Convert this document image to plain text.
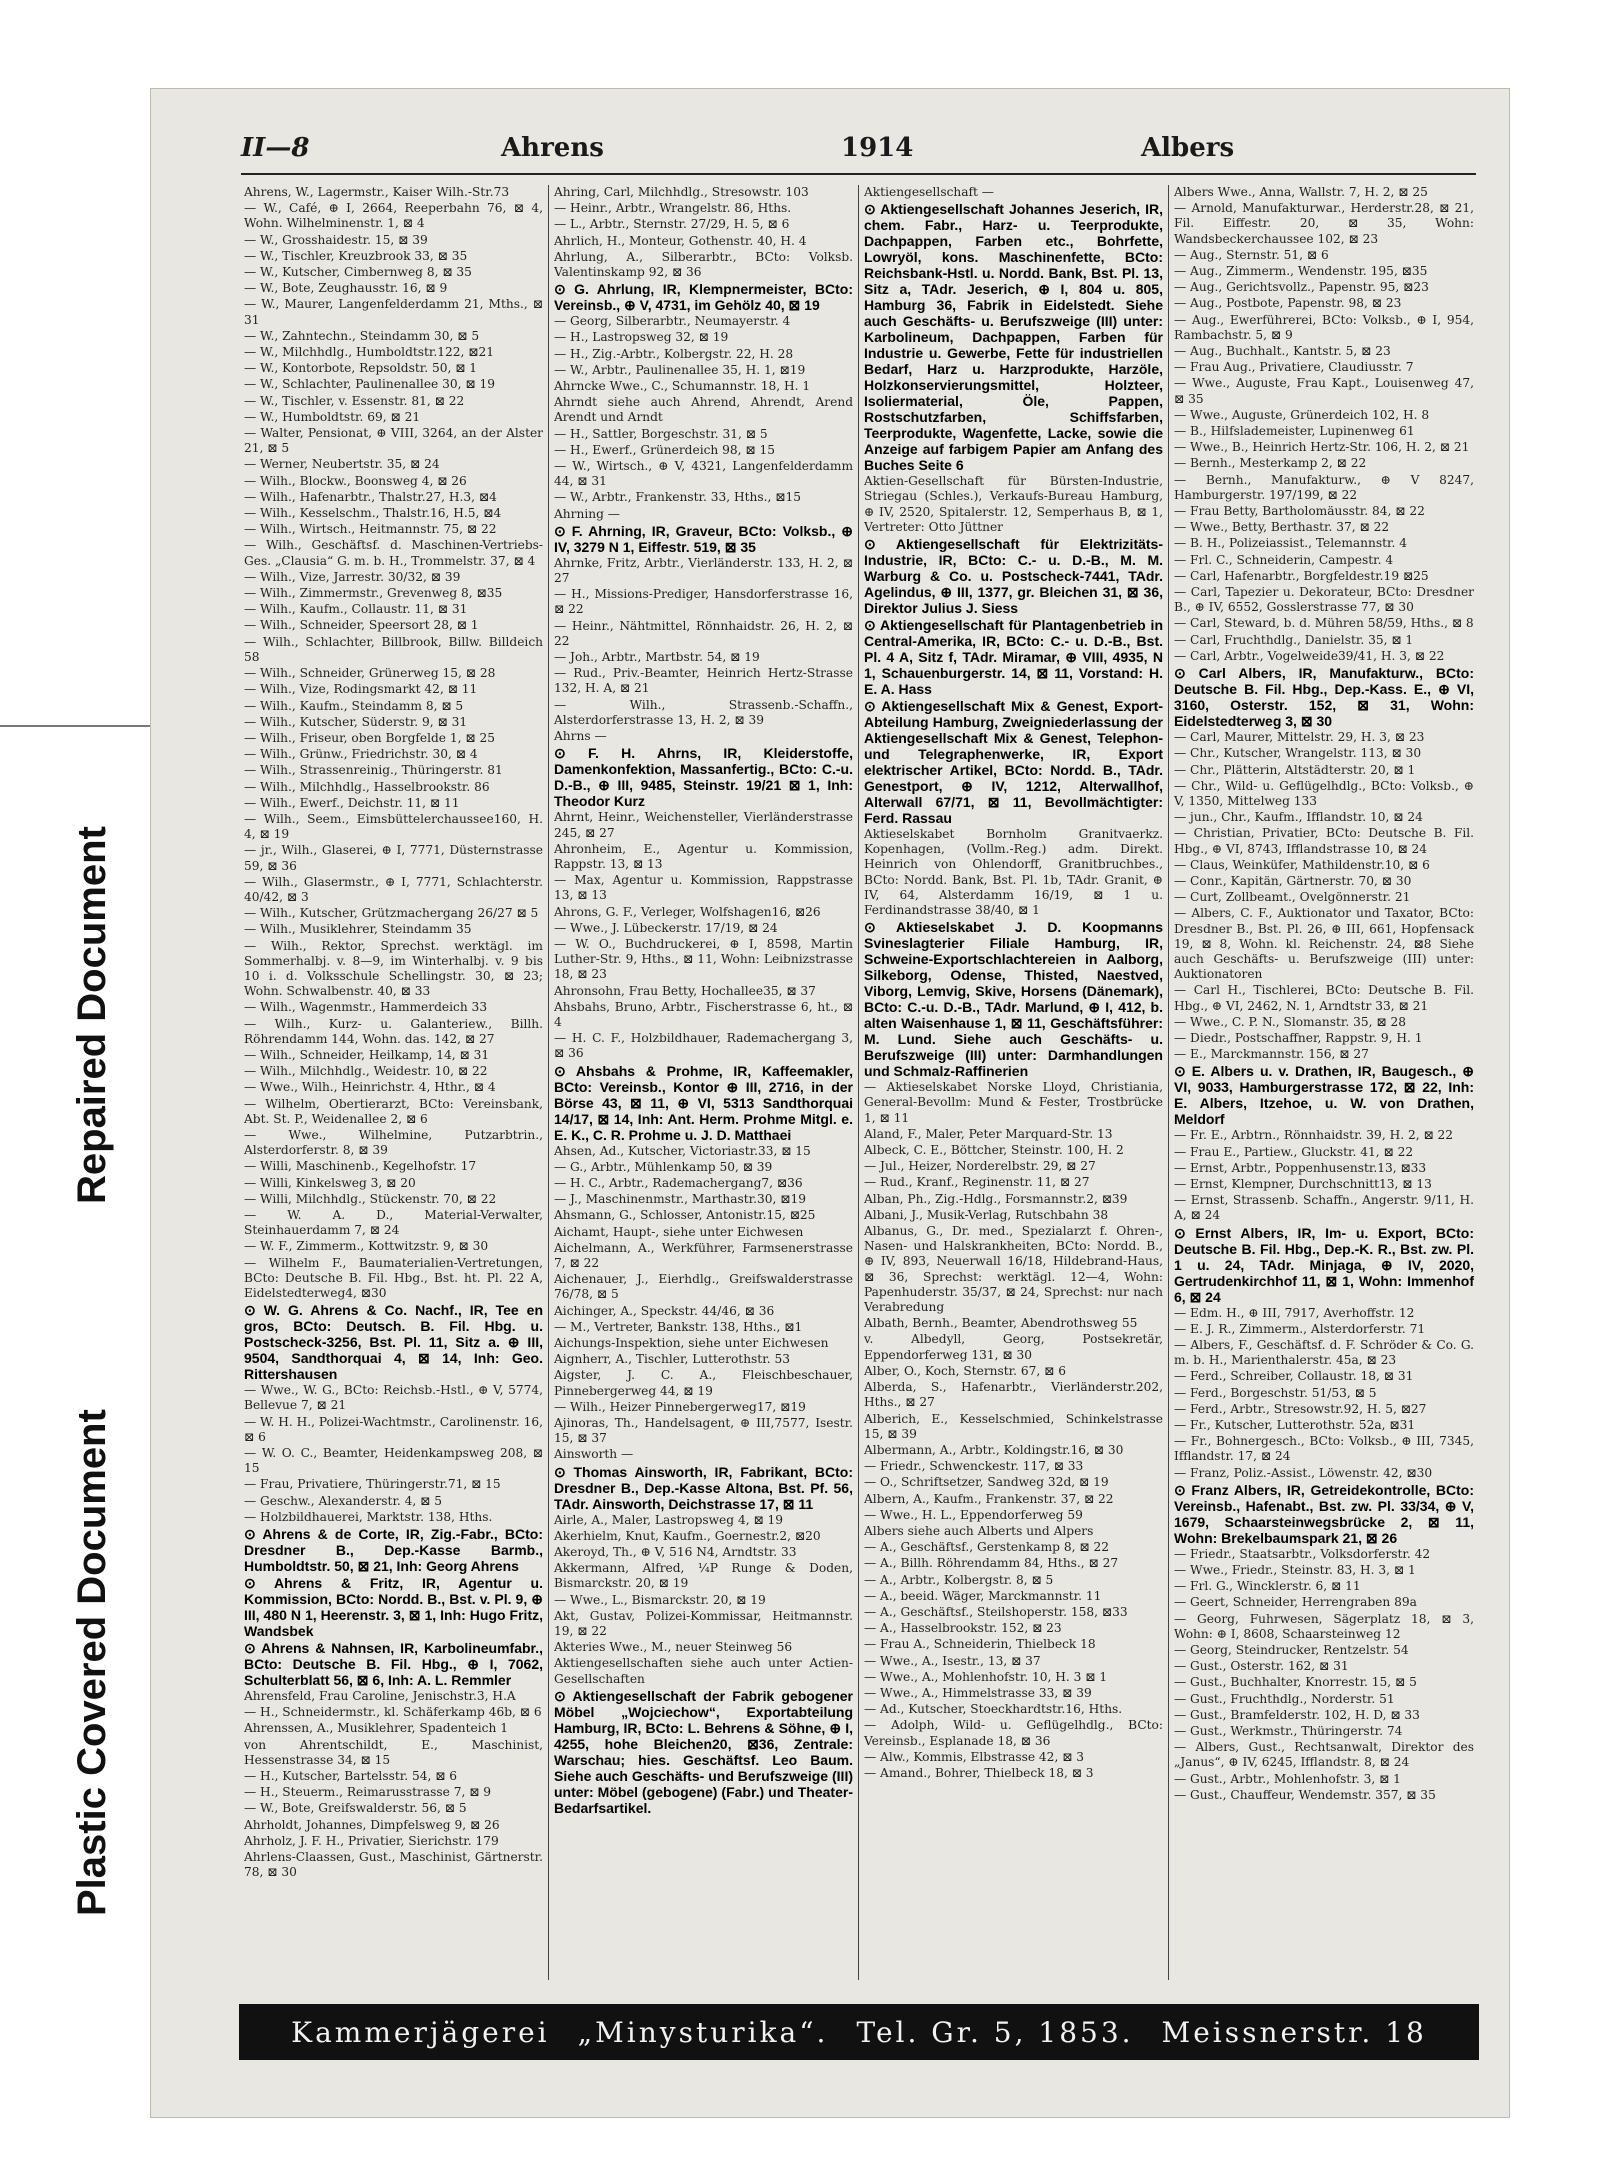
Plastic Covered Document
Repaired Document
II—8	Ahrens	1914	Albers
Ahrens, W., Lagermstr., Kaiser Wilh.-Str.73
— W., Café, ⊕ I, 2664, Reeperbahn 76, ⊠ 4, Wohn. Wilhelminenstr. 1, ⊠ 4
— W., Grosshaidestr. 15, ⊠ 39
— W., Tischler, Kreuzbrook 33, ⊠ 35
— W., Kutscher, Cimbernweg 8, ⊠ 35
— W., Bote, Zeughausstr. 16, ⊠ 9
— W., Maurer, Langenfelderdamm 21, Mths., ⊠ 31
— W., Zahntechn., Steindamm 30, ⊠ 5
— W., Milchhdlg., Humboldtstr.122, ⊠21
— W., Kontorbote, Repsoldstr. 50, ⊠ 1
— W., Schlachter, Paulinenallee 30, ⊠ 19
— W., Tischler, v. Essenstr. 81, ⊠ 22
— W., Humboldtstr. 69, ⊠ 21
— Walter, Pensionat, ⊕ VIII, 3264, an der Alster 21, ⊠ 5
— Werner, Neubertstr. 35, ⊠ 24
— Wilh., Blockw., Boonsweg 4, ⊠ 26
— Wilh., Hafenarbtr., Thalstr.27, H.3, ⊠4
— Wilh., Kesselschm., Thalstr.16, H.5, ⊠4
— Wilh., Wirtsch., Heitmannstr. 75, ⊠ 22
— Wilh., Geschäftsf. d. Maschinen-Vertriebs-Ges. „Clausia“ G. m. b. H., Trommelstr. 37, ⊠ 4
— Wilh., Vize, Jarrestr. 30/32, ⊠ 39
— Wilh., Zimmermstr., Grevenweg 8, ⊠35
— Wilh., Kaufm., Collaustr. 11, ⊠ 31
— Wilh., Schneider, Speersort 28, ⊠ 1
— Wilh., Schlachter, Billbrook, Billw. Billdeich 58
— Wilh., Schneider, Grünerweg 15, ⊠ 28
— Wilh., Vize, Rodingsmarkt 42, ⊠ 11
— Wilh., Kaufm., Steindamm 8, ⊠ 5
— Wilh., Kutscher, Süderstr. 9, ⊠ 31
— Wilh., Friseur, oben Borgfelde 1, ⊠ 25
— Wilh., Grünw., Friedrichstr. 30, ⊠ 4
— Wilh., Strassenreinig., Thüringerstr. 81
— Wilh., Milchhdlg., Hasselbrookstr. 86
— Wilh., Ewerf., Deichstr. 11, ⊠ 11
— Wilh., Seem., Eimsbüttelerchaussee160, H. 4, ⊠ 19
— jr., Wilh., Glaserei, ⊕ I, 7771, Düsternstrasse 59, ⊠ 36
— Wilh., Glasermstr., ⊕ I, 7771, Schlachterstr. 40/42, ⊠ 3
— Wilh., Kutscher, Grützmachergang 26/27 ⊠ 5
— Wilh., Musiklehrer, Steindamm 35
— Wilh., Rektor, Sprechst. werktägl. im Sommerhalbj. v. 8—9, im Winterhalbj. v. 9 bis 10 i. d. Volksschule Schellingstr. 30, ⊠ 23; Wohn. Schwalbenstr. 40, ⊠ 33
— Wilh., Wagenmstr., Hammerdeich 33
— Wilh., Kurz- u. Galanteriew., Billh. Röhrendamm 144, Wohn. das. 142, ⊠ 27
— Wilh., Schneider, Heilkamp, 14, ⊠ 31
— Wilh., Milchhdlg., Weidestr. 10, ⊠ 22
— Wwe., Wilh., Heinrichstr. 4, Hthr., ⊠ 4
— Wilhelm, Obertierarzt, BCto: Vereinsbank, Abt. St. P., Weidenallee 2, ⊠ 6
— Wwe., Wilhelmine, Putzarbtrin., Alsterdorferstr. 8, ⊠ 39
— Willi, Maschinenb., Kegelhofstr. 17
— Willi, Kinkelsweg 3, ⊠ 20
— Willi, Milchhdlg., Stückenstr. 70, ⊠ 22
— W. A. D., Material-Verwalter, Steinhauerdamm 7, ⊠ 24
— W. F., Zimmerm., Kottwitzstr. 9, ⊠ 30
— Wilhelm F., Baumaterialien-Vertretungen, BCto: Deutsche B. Fil. Hbg., Bst. ht. Pl. 22 A, Eidelstedterweg4, ⊠30
⊙ W. G. Ahrens & Co. Nachf., IR, Tee en gros, BCto: Deutsch. B. Fil. Hbg. u. Postscheck-3256, Bst. Pl. 11, Sitz a. ⊕ III, 9504, Sandthorquai 4, ⊠ 14, Inh: Geo. Rittershausen
— Wwe., W. G., BCto: Reichsb.-Hstl., ⊕ V, 5774, Bellevue 7, ⊠ 21
— W. H. H., Polizei-Wachtmstr., Carolinenstr. 16, ⊠ 6
— W. O. C., Beamter, Heidenkampsweg 208, ⊠ 15
— Frau, Privatiere, Thüringerstr.71, ⊠ 15
— Geschw., Alexanderstr. 4, ⊠ 5
— Holzbildhauerei, Marktstr. 138, Hths.
⊙ Ahrens & de Corte, IR, Zig.-Fabr., BCto: Dresdner B., Dep.-Kasse Barmb., Humboldtstr. 50, ⊠ 21, Inh: Georg Ahrens
⊙ Ahrens & Fritz, IR, Agentur u. Kommission, BCto: Nordd. B., Bst. v. Pl. 9, ⊕ III, 480 N 1, Heerenstr. 3, ⊠ 1, Inh: Hugo Fritz, Wandsbek
⊙ Ahrens & Nahnsen, IR, Karbolineumfabr., BCto: Deutsche B. Fil. Hbg., ⊕ I, 7062, Schulterblatt 56, ⊠ 6, Inh: A. L. Remmler
Ahrensfeld, Frau Caroline, Jenischstr.3, H.A
— H., Schneidermstr., kl. Schäferkamp 46b, ⊠ 6
Ahrenssen, A., Musiklehrer, Spadenteich 1
von Ahrentschildt, E., Maschinist, Hessenstrasse 34, ⊠ 15
— H., Kutscher, Bartelsstr. 54, ⊠ 6
— H., Steuerm., Reimarusstrasse 7, ⊠ 9
— W., Bote, Greifswalderstr. 56, ⊠ 5
Ahrholdt, Johannes, Dimpfelsweg 9, ⊠ 26
Ahrholz, J. F. H., Privatier, Sierichstr. 179
Ahrlens-Claassen, Gust., Maschinist, Gärtnerstr. 78, ⊠ 30
Ahring, Carl, Milchhdlg., Stresowstr. 103
— Heinr., Arbtr., Wrangelstr. 86, Hths.
— L., Arbtr., Sternstr. 27/29, H. 5, ⊠ 6
Ahrlich, H., Monteur, Gothenstr. 40, H. 4
Ahrlung, A., Silberarbtr., BCto: Volksb. Valentinskamp 92, ⊠ 36
⊙ G. Ahrlung, IR, Klempnermeister, BCto: Vereinsb., ⊕ V, 4731, im Gehölz 40, ⊠ 19
— Georg, Silberarbtr., Neumayerstr. 4
— H., Lastropsweg 32, ⊠ 19
— H., Zig.-Arbtr., Kolbergstr. 22, H. 28
— W., Arbtr., Paulinenallee 35, H. 1, ⊠19
Ahrncke Wwe., C., Schumannstr. 18, H. 1
Ahrndt siehe auch Ahrend, Ahrendt, Arend Arendt und Arndt
— H., Sattler, Borgeschstr. 31, ⊠ 5
— H., Ewerf., Grünerdeich 98, ⊠ 15
— W., Wirtsch., ⊕ V, 4321, Langenfelderdamm 44, ⊠ 31
— W., Arbtr., Frankenstr. 33, Hths., ⊠15
Ahrning —
⊙ F. Ahrning, IR, Graveur, BCto: Volksb., ⊕ IV, 3279 N 1, Eiffestr. 519, ⊠ 35
Ahrnke, Fritz, Arbtr., Vierländerstr. 133, H. 2, ⊠ 27
— H., Missions-Prediger, Hansdorferstrasse 16, ⊠ 22
— Heinr., Nähtmittel, Rönnhaidstr. 26, H. 2, ⊠ 22
— Joh., Arbtr., Martbstr. 54, ⊠ 19
— Rud., Priv.-Beamter, Heinrich Hertz-Strasse 132, H. A, ⊠ 21
— Wilh., Strassenb.-Schaffn., Alsterdorferstrasse 13, H. 2, ⊠ 39
Ahrns —
⊙ F. H. Ahrns, IR, Kleiderstoffe, Damenkonfektion, Massanfertig., BCto: C.-u. D.-B., ⊕ III, 9485, Steinstr. 19/21 ⊠ 1, Inh: Theodor Kurz
Ahrnt, Heinr., Weichensteller, Vierländerstrasse 245, ⊠ 27
Ahronheim, E., Agentur u. Kommission, Rappstr. 13, ⊠ 13
— Max, Agentur u. Kommission, Rappstrasse 13, ⊠ 13
Ahrons, G. F., Verleger, Wolfshagen16, ⊠26
— Wwe., J. Lübeckerstr. 17/19, ⊠ 24
— W. O., Buchdruckerei, ⊕ I, 8598, Martin Luther-Str. 9, Hths., ⊠ 11, Wohn: Leibnizstrasse 18, ⊠ 23
Ahronsohn, Frau Betty, Hochallee35, ⊠ 37
Ahsbahs, Bruno, Arbtr., Fischerstrasse 6, ht., ⊠ 4
— H. C. F., Holzbildhauer, Rademachergang 3, ⊠ 36
⊙ Ahsbahs & Prohme, IR, Kaffeemakler, BCto: Vereinsb., Kontor ⊕ III, 2716, in der Börse 43, ⊠ 11, ⊕ VI, 5313 Sandthorquai 14/17, ⊠ 14, Inh: Ant. Herm. Prohme Mitgl. e. E. K., C. R. Prohme u. J. D. Matthaei
Ahsen, Ad., Kutscher, Victoriastr.33, ⊠ 15
— G., Arbtr., Mühlenkamp 50, ⊠ 39
— H. C., Arbtr., Rademachergang7, ⊠36
— J., Maschinenmstr., Marthastr.30, ⊠19
Ahsmann, G., Schlosser, Antonistr.15, ⊠25
Aichamt, Haupt-, siehe unter Eichwesen
Aichelmann, A., Werkführer, Farmsenerstrasse 7, ⊠ 22
Aichenauer, J., Eierhdlg., Greifswalderstrasse 76/78, ⊠ 5
Aichinger, A., Speckstr. 44/46, ⊠ 36
— M., Vertreter, Bankstr. 138, Hths., ⊠1
Aichungs-Inspektion, siehe unter Eichwesen
Aignherr, A., Tischler, Lutterothstr. 53
Aigster, J. C. A., Fleischbeschauer, Pinnebergerweg 44, ⊠ 19
— Wilh., Heizer Pinnebergerweg17, ⊠19
Ajinoras, Th., Handelsagent, ⊕ III,7577, Isestr. 15, ⊠ 37
Ainsworth —
⊙ Thomas Ainsworth, IR, Fabrikant, BCto: Dresdner B., Dep.-Kasse Altona, Bst. Pf. 56, TAdr. Ainsworth, Deichstrasse 17, ⊠ 11
Airle, A., Maler, Lastropsweg 4, ⊠ 19
Akerhielm, Knut, Kaufm., Goernestr.2, ⊠20
Akeroyd, Th., ⊕ V, 516 N4, Arndtstr. 33
Akkermann, Alfred, ¼P Runge & Doden, Bismarckstr. 20, ⊠ 19
— Wwe., L., Bismarckstr. 20, ⊠ 19
Akt, Gustav, Polizei-Kommissar, Heitmannstr. 19, ⊠ 22
Akteries Wwe., M., neuer Steinweg 56
Aktiengesellschaften siehe auch unter Actien-Gesellschaften
⊙ Aktiengesellschaft der Fabrik gebogener Möbel „Wojciechow“, Exportabteilung Hamburg, IR, BCto: L. Behrens & Söhne, ⊕ I, 4255, hohe Bleichen20, ⊠36, Zentrale: Warschau; hies. Geschäftsf. Leo Baum. Siehe auch Geschäfts- und Berufszweige (III) unter: Möbel (gebogene) (Fabr.) und Theater-Bedarfsartikel.
Aktiengesellschaft —
⊙ Aktiengesellschaft Johannes Jeserich, IR, chem. Fabr., Harz- u. Teerprodukte, Dachpappen, Farben etc., Bohrfette, Lowryöl, kons. Maschinenfette, BCto: Reichsbank-Hstl. u. Nordd. Bank, Bst. Pl. 13, Sitz a, TAdr. Jeserich, ⊕ I, 804 u. 805, Hamburg 36, Fabrik in Eidelstedt. Siehe auch Geschäfts- u. Berufszweige (III) unter: Karbolineum, Dachpappen, Farben für Industrie u. Gewerbe, Fette für industriellen Bedarf, Harz u. Harzprodukte, Harzöle, Holzkonservierungsmittel, Holzteer, Isoliermaterial, Öle, Pappen, Rostschutzfarben, Schiffsfarben, Teerprodukte, Wagenfette, Lacke, sowie die Anzeige auf farbigem Papier am Anfang des Buches Seite 6
Aktien-Gesellschaft für Bürsten-Industrie, Striegau (Schles.), Verkaufs-Bureau Hamburg, ⊕ IV, 2520, Spitalerstr. 12, Semperhaus B, ⊠ 1, Vertreter: Otto Jüttner
⊙ Aktiengesellschaft für Elektrizitäts-Industrie, IR, BCto: C.- u. D.-B., M. M. Warburg & Co. u. Postscheck-7441, TAdr. Agelindus, ⊕ III, 1377, gr. Bleichen 31, ⊠ 36, Direktor Julius J. Siess
⊙ Aktiengesellschaft für Plantagenbetrieb in Central-Amerika, IR, BCto: C.- u. D.-B., Bst. Pl. 4 A, Sitz f, TAdr. Miramar, ⊕ VIII, 4935, N 1, Schauenburgerstr. 14, ⊠ 11, Vorstand: H. E. A. Hass
⊙ Aktiengesellschaft Mix & Genest, Export-Abteilung Hamburg, Zweigniederlassung der Aktiengesellschaft Mix & Genest, Telephon- und Telegraphenwerke, IR, Export elektrischer Artikel, BCto: Nordd. B., TAdr. Genestport, ⊕ IV, 1212, Alterwallhof, Alterwall 67/71, ⊠ 11, Bevollmächtigter: Ferd. Rassau
Aktieselskabet Bornholm Granitvaerkz. Kopenhagen, (Vollm.-Reg.) adm. Direkt. Heinrich von Ohlendorff, Granitbruchbes., BCto: Nordd. Bank, Bst. Pl. 1b, TAdr. Granit, ⊕ IV, 64, Alsterdamm 16/19, ⊠ 1 u. Ferdinandstrasse 38/40, ⊠ 1
⊙ Aktieselskabet J. D. Koopmanns Svineslagterier Filiale Hamburg, IR, Schweine-Exportschlachtereien in Aalborg, Silkeborg, Odense, Thisted, Naestved, Viborg, Lemvig, Skive, Horsens (Dänemark), BCto: C.-u. D.-B., TAdr. Marlund, ⊕ I, 412, b. alten Waisenhause 1, ⊠ 11, Geschäftsführer: M. Lund. Siehe auch Geschäfts- u. Berufszweige (III) unter: Darmhandlungen und Schmalz-Raffinerien
— Aktieselskabet Norske Lloyd, Christiania, General-Bevollm: Mund & Fester, Trostbrücke 1, ⊠ 11
Aland, F., Maler, Peter Marquard-Str. 13
Albeck, C. E., Böttcher, Steinstr. 100, H. 2
— Jul., Heizer, Norderelbstr. 29, ⊠ 27
— Rud., Kranf., Reginenstr. 11, ⊠ 27
Alban, Ph., Zig.-Hdlg., Forsmannstr.2, ⊠39
Albani, J., Musik-Verlag, Rutschbahn 38
Albanus, G., Dr. med., Spezialarzt f. Ohren-, Nasen- und Halskrankheiten, BCto: Nordd. B., ⊕ IV, 893, Neuerwall 16/18, Hildebrand-Haus, ⊠ 36, Sprechst: werktägl. 12—4, Wohn: Papenhuderstr. 35/37, ⊠ 24, Sprechst: nur nach Verabredung
Albath, Bernh., Beamter, Abendrothsweg 55
v. Albedyll, Georg, Postsekretär, Eppendorferweg 131, ⊠ 30
Alber, O., Koch, Sternstr. 67, ⊠ 6
Alberda, S., Hafenarbtr., Vierländerstr.202, Hths., ⊠ 27
Alberich, E., Kesselschmied, Schinkelstrasse 15, ⊠ 39
Albermann, A., Arbtr., Koldingstr.16, ⊠ 30
— Friedr., Schwenckestr. 117, ⊠ 33
— O., Schriftsetzer, Sandweg 32d, ⊠ 19
Albern, A., Kaufm., Frankenstr. 37, ⊠ 22
— Wwe., H. L., Eppendorferweg 59
Albers siehe auch Alberts und Alpers
— A., Geschäftsf., Gerstenkamp 8, ⊠ 22
— A., Billh. Röhrendamm 84, Hths., ⊠ 27
— A., Arbtr., Kolbergstr. 8, ⊠ 5
— A., beeid. Wäger, Marckmannstr. 11
— A., Geschäftsf., Steilshoperstr. 158, ⊠33
— A., Hasselbrookstr. 152, ⊠ 23
— Frau A., Schneiderin, Thielbeck 18
— Wwe., A., Isestr., 13, ⊠ 37
— Wwe., A., Mohlenhofstr. 10, H. 3 ⊠ 1
— Wwe., A., Himmelstrasse 33, ⊠ 39
— Ad., Kutscher, Stoeckhardtstr.16, Hths.
— Adolph, Wild- u. Geflügelhdlg., BCto: Vereinsb., Esplanade 18, ⊠ 36
— Alw., Kommis, Elbstrasse 42, ⊠ 3
— Amand., Bohrer, Thielbeck 18, ⊠ 3
Albers Wwe., Anna, Wallstr. 7, H. 2, ⊠ 25
— Arnold, Manufakturwar., Herderstr.28, ⊠ 21, Fil. Eiffestr. 20, ⊠ 35, Wohn: Wandsbeckerchaussee 102, ⊠ 23
— Aug., Sternstr. 51, ⊠ 6
— Aug., Zimmerm., Wendenstr. 195, ⊠35
— Aug., Gerichtsvollz., Papenstr. 95, ⊠23
— Aug., Postbote, Papenstr. 98, ⊠ 23
— Aug., Ewerführerei, BCto: Volksb., ⊕ I, 954, Rambachstr. 5, ⊠ 9
— Aug., Buchhalt., Kantstr. 5, ⊠ 23
— Frau Aug., Privatiere, Claudiusstr. 7
— Wwe., Auguste, Frau Kapt., Louisenweg 47, ⊠ 35
— Wwe., Auguste, Grünerdeich 102, H. 8
— B., Hilfslademeister, Lupinenweg 61
— Wwe., B., Heinrich Hertz-Str. 106, H. 2, ⊠ 21
— Bernh., Mesterkamp 2, ⊠ 22
— Bernh., Manufakturw., ⊕ V 8247, Hamburgerstr. 197/199, ⊠ 22
— Frau Betty, Bartholomäusstr. 84, ⊠ 22
— Wwe., Betty, Berthastr. 37, ⊠ 22
— B. H., Polizeiassist., Telemannstr. 4
— Frl. C., Schneiderin, Campestr. 4
— Carl, Hafenarbtr., Borgfeldestr.19 ⊠25
— Carl, Tapezier u. Dekorateur, BCto: Dresdner B., ⊕ IV, 6552, Gosslerstrasse 77, ⊠ 30
— Carl, Steward, b. d. Mühren 58/59, Hths., ⊠ 8
— Carl, Fruchthdlg., Danielstr. 35, ⊠ 1
— Carl, Arbtr., Vogelweide39/41, H. 3, ⊠ 22
⊙ Carl Albers, IR, Manufakturw., BCto: Deutsche B. Fil. Hbg., Dep.-Kass. E., ⊕ VI, 3160, Osterstr. 152, ⊠ 31, Wohn: Eidelstedterweg 3, ⊠ 30
— Carl, Maurer, Mittelstr. 29, H. 3, ⊠ 23
— Chr., Kutscher, Wrangelstr. 113, ⊠ 30
— Chr., Plätterin, Altstädterstr. 20, ⊠ 1
— Chr., Wild- u. Geflügelhdlg., BCto: Volksb., ⊕ V, 1350, Mittelweg 133
— jun., Chr., Kaufm., Ifflandstr. 10, ⊠ 24
— Christian, Privatier, BCto: Deutsche B. Fil. Hbg., ⊕ VI, 8743, Ifflandstrasse 10, ⊠ 24
— Claus, Weinküfer, Mathildenstr.10, ⊠ 6
— Conr., Kapitän, Gärtnerstr. 70, ⊠ 30
— Curt, Zollbeamt., Ovelgönnerstr. 21
— Albers, C. F., Auktionator und Taxator, BCto: Dresdner B., Bst. Pl. 26, ⊕ III, 661, Hopfensack 19, ⊠ 8, Wohn. kl. Reichenstr. 24, ⊠8 Siehe auch Geschäfts- u. Berufszweige (III) unter: Auktionatoren
— Carl H., Tischlerei, BCto: Deutsche B. Fil. Hbg., ⊕ VI, 2462, N. 1, Arndtstr 33, ⊠ 21
— Wwe., C. P. N., Slomanstr. 35, ⊠ 28
— Diedr., Postschaffner, Rappstr. 9, H. 1
— E., Marckmannstr. 156, ⊠ 27
⊙ E. Albers u. v. Drathen, IR, Baugesch., ⊕ VI, 9033, Hamburgerstrasse 172, ⊠ 22, Inh: E. Albers, Itzehoe, u. W. von Drathen, Meldorf
— Fr. E., Arbtrn., Rönnhaidstr. 39, H. 2, ⊠ 22
— Frau E., Partiew., Gluckstr. 41, ⊠ 22
— Ernst, Arbtr., Poppenhusenstr.13, ⊠33
— Ernst, Klempner, Durchschnitt13, ⊠ 13
— Ernst, Strassenb. Schaffn., Angerstr. 9/11, H. A, ⊠ 24
⊙ Ernst Albers, IR, Im- u. Export, BCto: Deutsche B. Fil. Hbg., Dep.-K. R., Bst. zw. Pl. 1 u. 24, TAdr. Minjaga, ⊕ IV, 2020, Gertrudenkirchhof 11, ⊠ 1, Wohn: Immenhof 6, ⊠ 24
— Edm. H., ⊕ III, 7917, Averhoffstr. 12
— E. J. R., Zimmerm., Alsterdorferstr. 71
— Albers, F., Geschäftsf. d. F. Schröder & Co. G. m. b. H., Marienthalerstr. 45a, ⊠ 23
— Ferd., Schreiber, Collaustr. 18, ⊠ 31
— Ferd., Borgeschstr. 51/53, ⊠ 5
— Ferd., Arbtr., Stresowstr.92, H. 5, ⊠27
— Fr., Kutscher, Lutterothstr. 52a, ⊠31
— Fr., Bohnergesch., BCto: Volksb., ⊕ III, 7345, Ifflandstr. 17, ⊠ 24
— Franz, Poliz.-Assist., Löwenstr. 42, ⊠30
⊙ Franz Albers, IR, Getreidekontrolle, BCto: Vereinsb., Hafenabt., Bst. zw. Pl. 33/34, ⊕ V, 1679, Schaarsteinwegsbrücke 2, ⊠ 11, Wohn: Brekelbaumspark 21, ⊠ 26
— Friedr., Staatsarbtr., Volksdorferstr. 42
— Wwe., Friedr., Steinstr. 83, H. 3, ⊠ 1
— Frl. G., Wincklerstr. 6, ⊠ 11
— Geert, Schneider, Herrengraben 89a
— Georg, Fuhrwesen, Sägerplatz 18, ⊠ 3, Wohn: ⊕ I, 8608, Schaarsteinweg 12
— Georg, Steindrucker, Rentzelstr. 54
— Gust., Osterstr. 162, ⊠ 31
— Gust., Buchhalter, Knorrestr. 15, ⊠ 5
— Gust., Fruchthdlg., Norderstr. 51
— Gust., Bramfelderstr. 102, H. D, ⊠ 33
— Gust., Werkmstr., Thüringerstr. 74
— Albers, Gust., Rechtsanwalt, Direktor des „Janus“, ⊕ IV, 6245, Ifflandstr. 8, ⊠ 24
— Gust., Arbtr., Mohlenhofstr. 3, ⊠ 1
— Gust., Chauffeur, Wendemstr. 357, ⊠ 35
Kammerjägerei „Minysturika“. Tel. Gr. 5, 1853. Meissnerstr. 18
